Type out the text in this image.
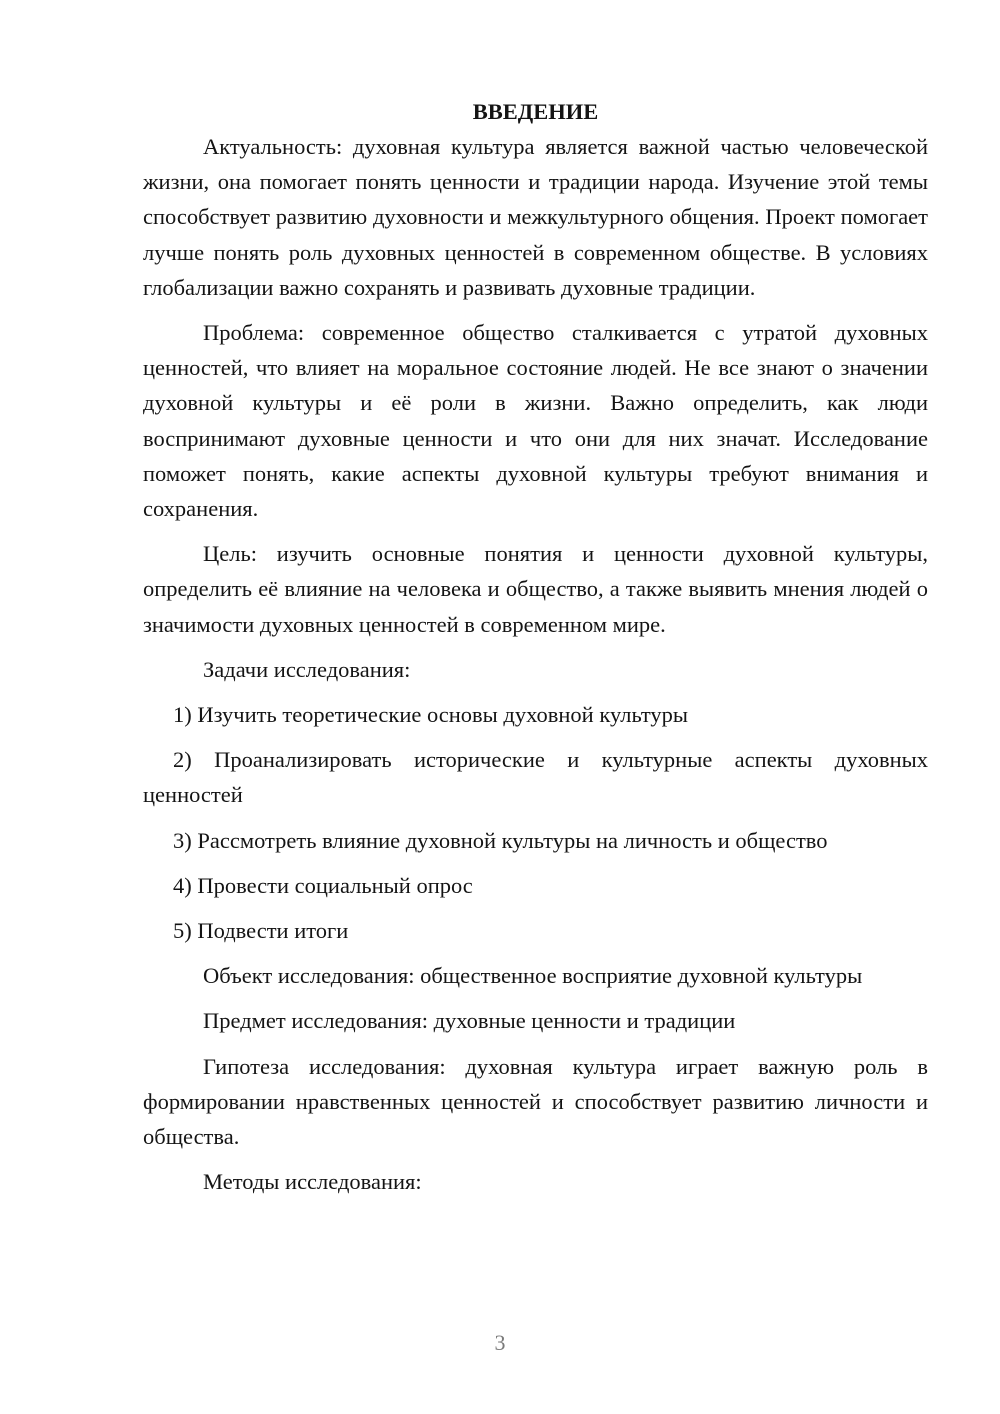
ВВЕДЕНИЕ

Актуальность: духовная культура является важной частью человеческой жизни, она помогает понять ценности и традиции народа. Изучение этой темы способствует развитию духовности и межкультурного общения. Проект помогает лучше понять роль духовных ценностей в современном обществе. В условиях глобализации важно сохранять и развивать духовные традиции.

Проблема: современное общество сталкивается с утратой духовных ценностей, что влияет на моральное состояние людей. Не все знают о значении духовной культуры и её роли в жизни. Важно определить, как люди воспринимают духовные ценности и что они для них значат. Исследование поможет понять, какие аспекты духовной культуры требуют внимания и сохранения.

Цель: изучить основные понятия и ценности духовной культуры, определить её влияние на человека и общество, а также выявить мнения людей о значимости духовных ценностей в современном мире.

Задачи исследования:

1) Изучить теоретические основы духовной культуры

2) Проанализировать исторические и культурные аспекты духовных ценностей

3) Рассмотреть влияние духовной культуры на личность и общество

4) Провести социальный опрос

5) Подвести итоги

Объект исследования: общественное восприятие духовной культуры

Предмет исследования: духовные ценности и традиции

Гипотеза исследования: духовная культура играет важную роль в формировании нравственных ценностей и способствует развитию личности и общества.

Методы исследования:

3
